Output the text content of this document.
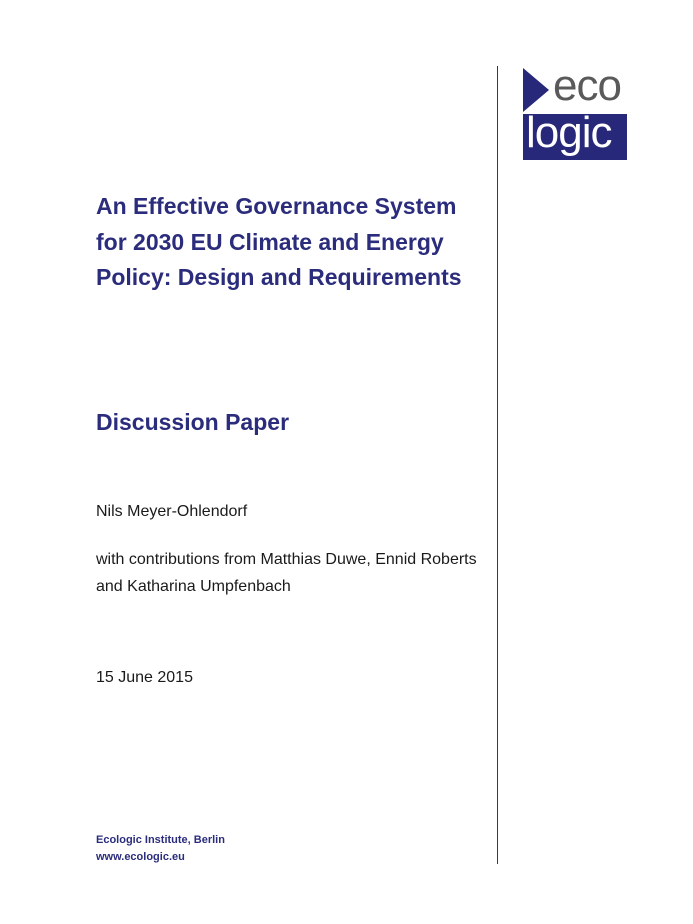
eco
logic
An Effective Governance System for 2030 EU Climate and Energy Policy: Design and Requirements
Discussion Paper
Nils Meyer-Ohlendorf
with contributions from Matthias Duwe, Ennid Roberts and Katharina Umpfenbach
15 June 2015
Ecologic Institute, Berlin
www.ecologic.eu
